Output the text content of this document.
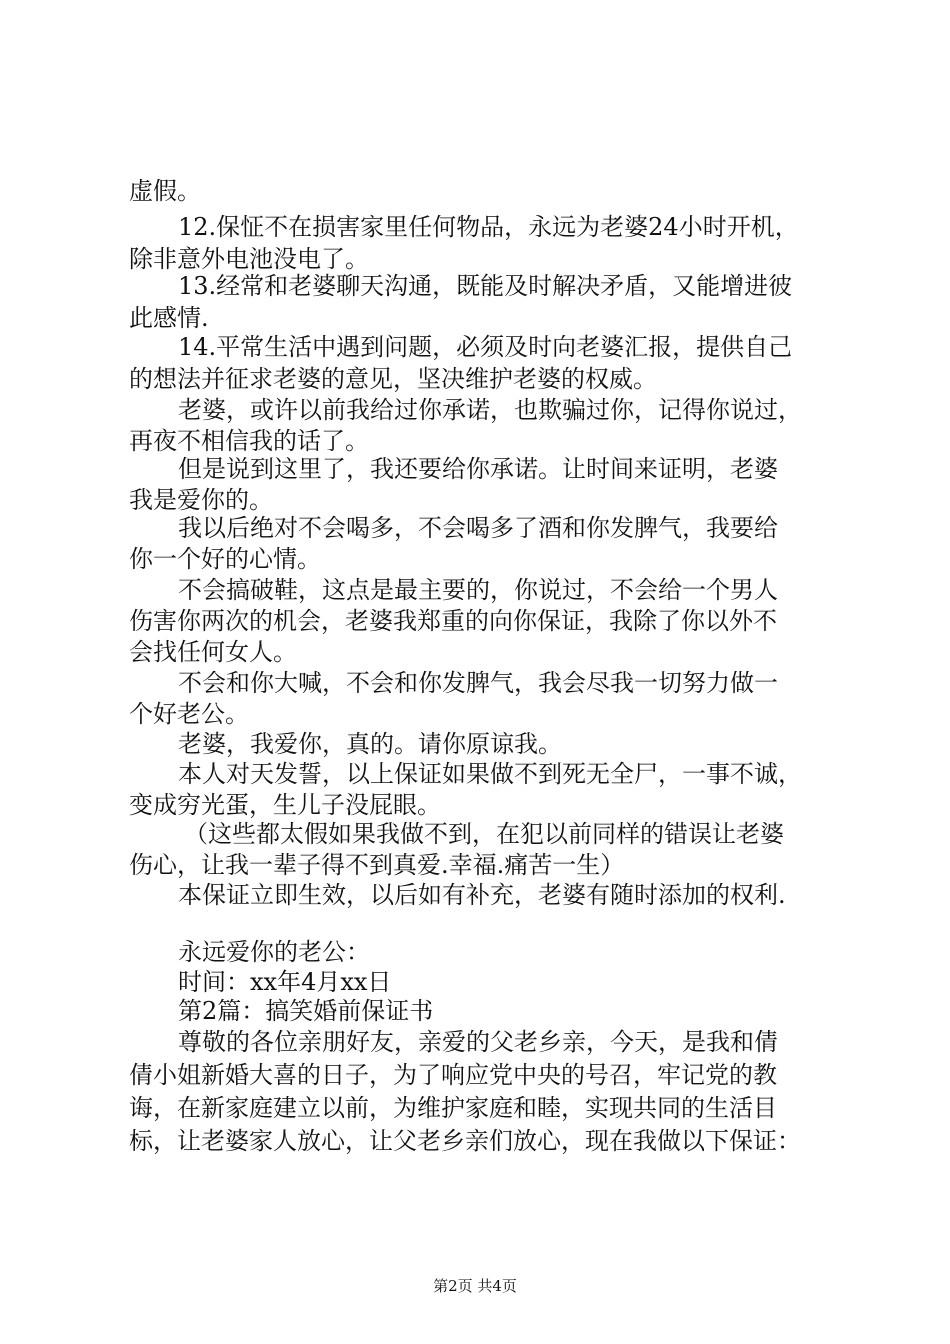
虚假。
12.保怔不在损害家里任何物品，永远为老婆24小时开机，
除非意外电池没电了。
13.经常和老婆聊天沟通，既能及时解决矛盾，又能增进彼
此感情.
14.平常生活中遇到问题，必须及时向老婆汇报，提供自己
的想法并征求老婆的意见，坚决维护老婆的权威。
老婆，或许以前我给过你承诺，也欺骗过你，记得你说过，
再夜不相信我的话了。
但是说到这里了，我还要给你承诺。让时间来证明，老婆
我是爱你的。
我以后绝对不会喝多，不会喝多了酒和你发脾气，我要给
你一个好的心情。
不会搞破鞋，这点是最主要的，你说过，不会给一个男人
伤害你两次的机会，老婆我郑重的向你保证，我除了你以外不
会找任何女人。
不会和你大喊，不会和你发脾气，我会尽我一切努力做一
个好老公。
老婆，我爱你，真的。请你原谅我。
本人对天发誓，以上保证如果做不到死无全尸，一事不诚，
变成穷光蛋，生儿子没屁眼。
（这些都太假如果我做不到，在犯以前同样的错误让老婆
伤心，让我一辈子得不到真爱.幸福.痛苦一生）
本保证立即生效，以后如有补充，老婆有随时添加的权利.
永远爱你的老公：
时间：xx年4月xx日
第2篇：搞笑婚前保证书
尊敬的各位亲朋好友，亲爱的父老乡亲，今天，是我和倩
倩小姐新婚大喜的日子，为了响应党中央的号召，牢记党的教
诲，在新家庭建立以前，为维护家庭和睦，实现共同的生活目
标，让老婆家人放心，让父老乡亲们放心，现在我做以下保证：
第2页 共4页
